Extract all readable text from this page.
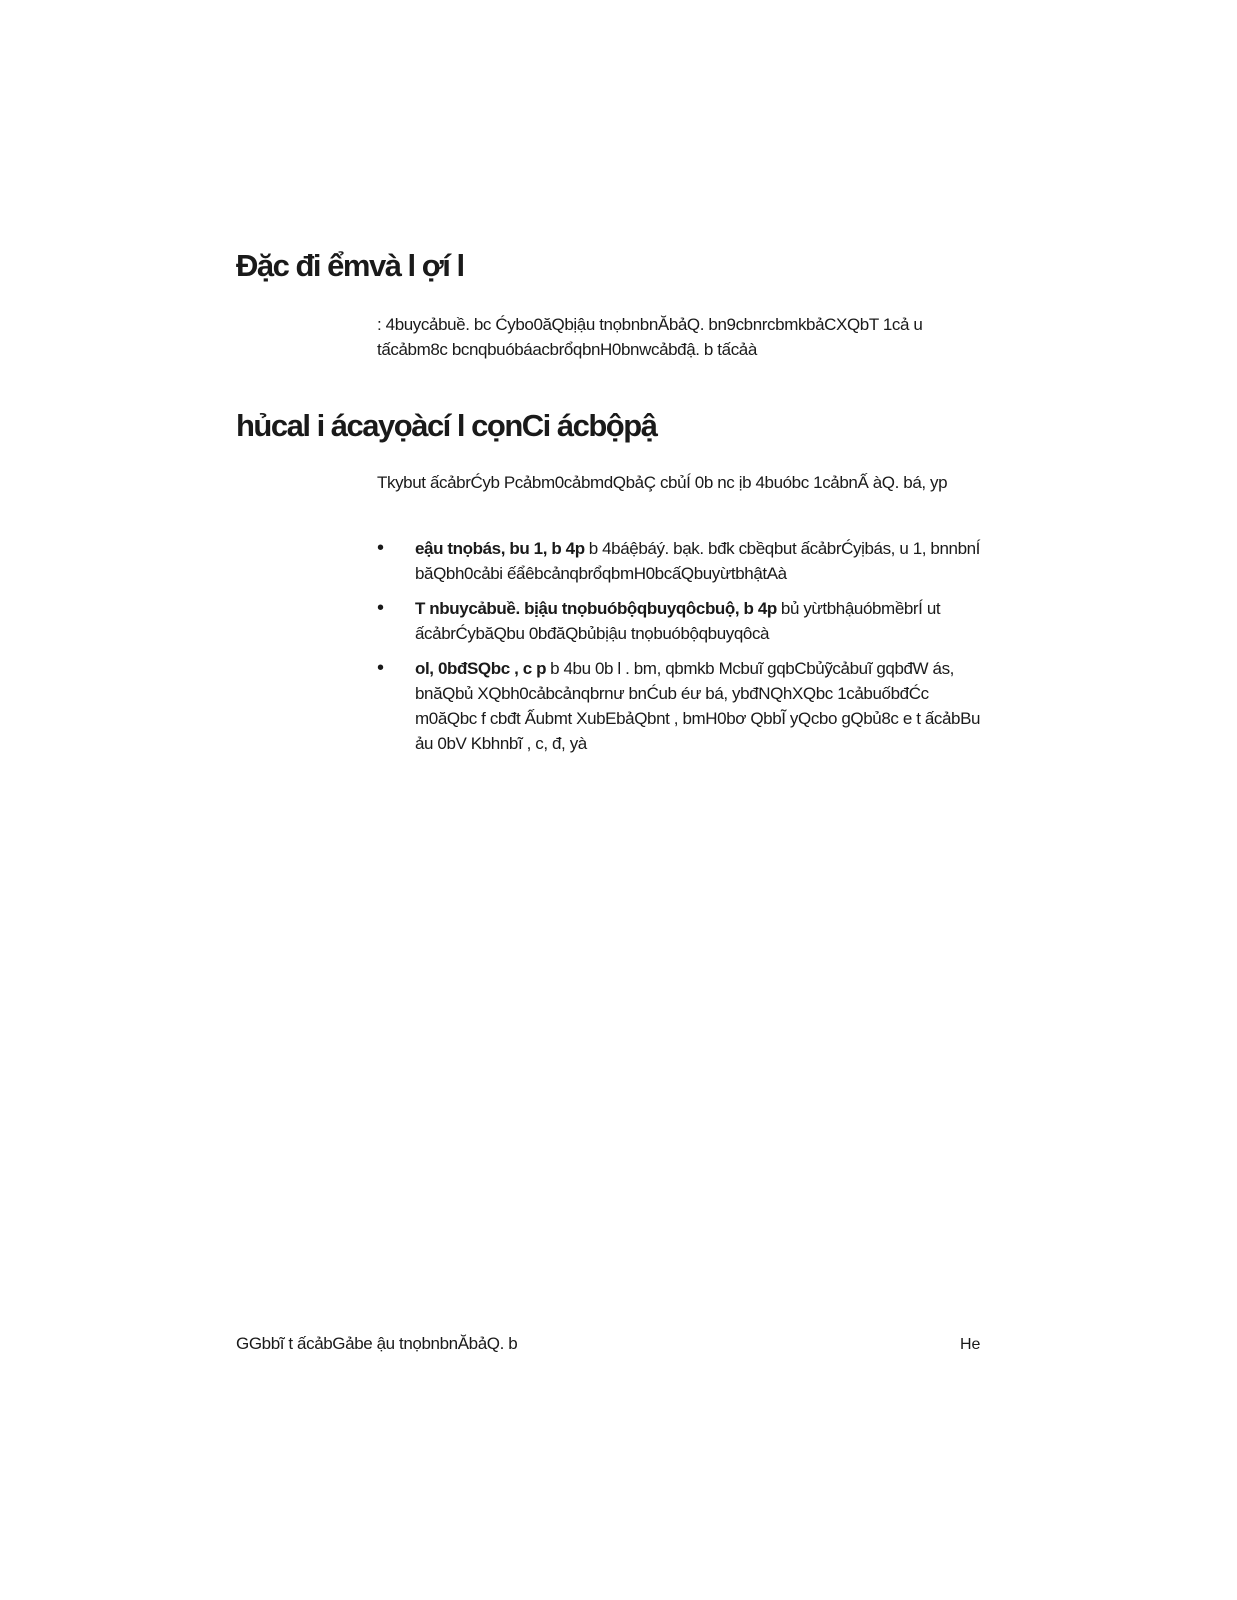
Đặc đi ểmvà l ợí l

: 4buycảbuề. bc Ćybo0ăQbịậu tnọbnbnĂbảQ. bn9cbnrcbmkbảCXQbT 1cả u tấcảbm8c bcnqbuóbáacbrổqbnH0bnwcảbđậ. b tấcảà

hủcal i ácayọàcí l cọnCi ácbộpậ

Tkybut ấcảbrĆyb Pcảbm0cảbmdQbảÇ cbủÍ 0b nc ịb 4buóbc 1cảbnẤ àQ. bá, yp

• eậu tnọbás, bu 1, b 4p b 4báệbáý. bạk. bđk cbềqbut ấcảbrĆyịbás, u 1, bnnbnÍ băQbh0cảbi ếẩêbcảnqbrổqbmH0bcấQbuyừtbhậtAà
• T nbuycảbuề. bịậu tnọbuóbộqbuyqôcbuộ, b 4p bủ yừtbhậuóbmềbrÍ ut ấcảbrĆybăQbu 0bđăQbủbịậu tnọbuóbộqbuyqôcà
• ol, 0bđSQbc , c p b 4bu 0b l . bm, qbmkb Mcbuĩ gqbCbủỹcảbuĩ gqbđW ás, bnăQbủ XQbh0cảbcảnqbrnư bnĆub éư bá, ybđNQhXQbc 1cảbuốbđĆc m0ăQbc f cbđt Ấubmt XubEbảQbnt , bmH0bơ QbbĨ yQcbo gQbủ8c e t ấcảbBu ảu 0bV Kbhnbĩ , c, đ, yà
GGbbĩ t ấcảbGảbe ậu tnọbnbnĂbảQ. b	He
